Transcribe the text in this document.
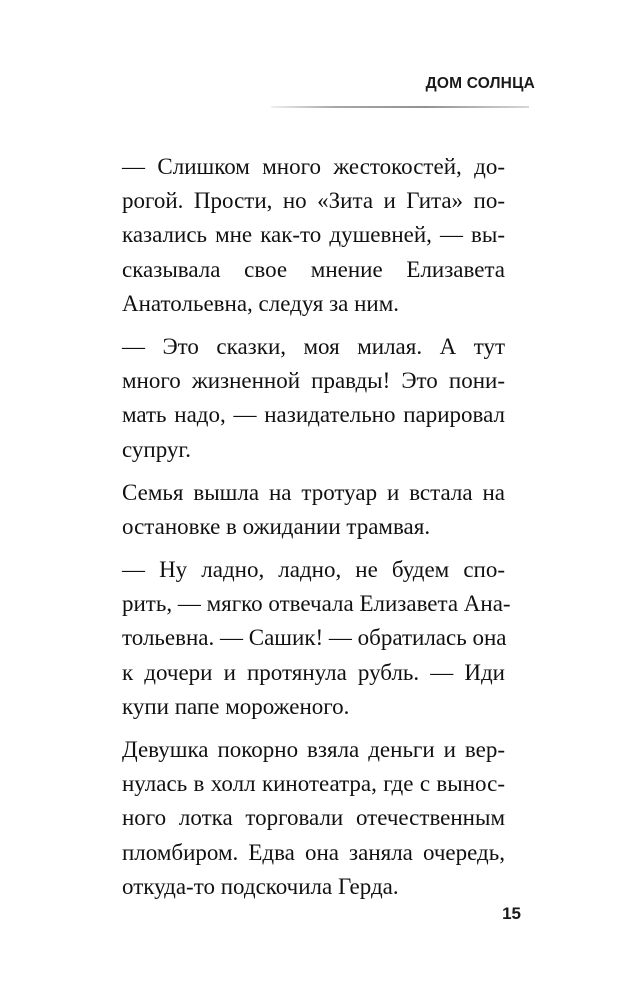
ДОМ СОЛНЦА
— Слишком много жестокостей, до-
рогой. Прости, но «Зита и Гита» по-
казались мне как-то душевней, — вы-
сказывала свое мнение Елизавета
Анатольевна, следуя за ним.
— Это сказки, моя милая. А тут
много жизненной правды! Это пони-
мать надо, — назидательно парировал
супруг.
Семья вышла на тротуар и встала на
остановке в ожидании трамвая.
— Ну ладно, ладно, не будем спо-
рить, — мягко отвечала Елизавета Ана-
тольевна. — Сашик! — обратилась она
к дочери и протянула рубль. — Иди
купи папе мороженого.
Девушка покорно взяла деньги и вер-
нулась в холл кинотеатра, где с вынос-
ного лотка торговали отечественным
пломбиром. Едва она заняла очередь,
откуда-то подскочила Герда.
15
